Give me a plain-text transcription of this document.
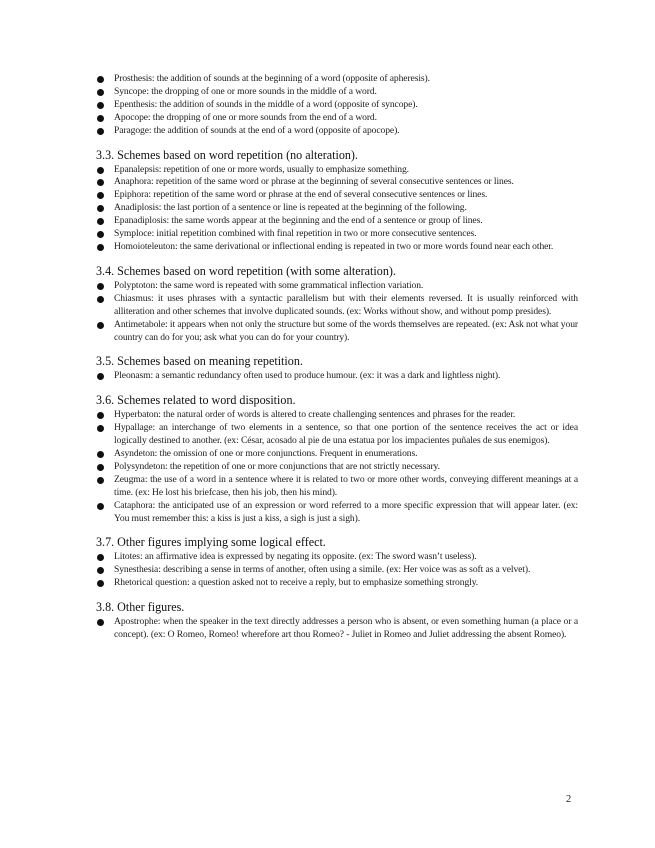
Prosthesis: the addition of sounds at the beginning of a word (opposite of apheresis).
Syncope: the dropping of one or more sounds in the middle of a word.
Epenthesis: the addition of sounds in the middle of a word (opposite of syncope).
Apocope: the dropping of one or more sounds from the end of a word.
Paragoge: the addition of sounds at the end of a word (opposite of apocope).
3.3. Schemes based on word repetition (no alteration).
Epanalepsis: repetition of one or more words, usually to emphasize something.
Anaphora: repetition of the same word or phrase at the beginning of several consecutive sentences or lines.
Epiphora: repetition of the same word or phrase at the end of several consecutive sentences or lines.
Anadiplosis: the last portion of a sentence or line is repeated at the beginning of the following.
Epanadiplosis: the same words appear at the beginning and the end of a sentence or group of lines.
Symploce: initial repetition combined with final repetition in two or more consecutive sentences.
Homoioteleuton: the same derivational or inflectional ending is repeated in two or more words found near each other.
3.4. Schemes based on word repetition (with some alteration).
Polyptoton: the same word is repeated with some grammatical inflection variation.
Chiasmus: it uses phrases with a syntactic parallelism but with their elements reversed. It is usually reinforced with alliteration and other schemes that involve duplicated sounds. (ex: Works without show, and without pomp presides).
Antimetabole: it appears when not only the structure but some of the words themselves are repeated. (ex: Ask not what your country can do for you; ask what you can do for your country).
3.5. Schemes based on meaning repetition.
Pleonasm: a semantic redundancy often used to produce humour. (ex: it was a dark and lightless night).
3.6. Schemes related to word disposition.
Hyperbaton: the natural order of words is altered to create challenging sentences and phrases for the reader.
Hypallage: an interchange of two elements in a sentence, so that one portion of the sentence receives the act or idea logically destined to another. (ex: César, acosado al pie de una estatua por los impacientes puñales de sus enemigos).
Asyndeton: the omission of one or more conjunctions. Frequent in enumerations.
Polysyndeton: the repetition of one or more conjunctions that are not strictly necessary.
Zeugma: the use of a word in a sentence where it is related to two or more other words, conveying different meanings at a time. (ex: He lost his briefcase, then his job, then his mind).
Cataphora: the anticipated use of an expression or word referred to a more specific expression that will appear later. (ex: You must remember this: a kiss is just a kiss, a sigh is just a sigh).
3.7. Other figures implying some logical effect.
Litotes: an affirmative idea is expressed by negating its opposite. (ex: The sword wasn’t useless).
Synesthesia: describing a sense in terms of another, often using a simile. (ex: Her voice was as soft as a velvet).
Rhetorical question: a question asked not to receive a reply, but to emphasize something strongly.
3.8. Other figures.
Apostrophe: when the speaker in the text directly addresses a person who is absent, or even something human (a place or a concept). (ex: O Romeo, Romeo! wherefore art thou Romeo? - Juliet in Romeo and Juliet addressing the absent Romeo).
2
